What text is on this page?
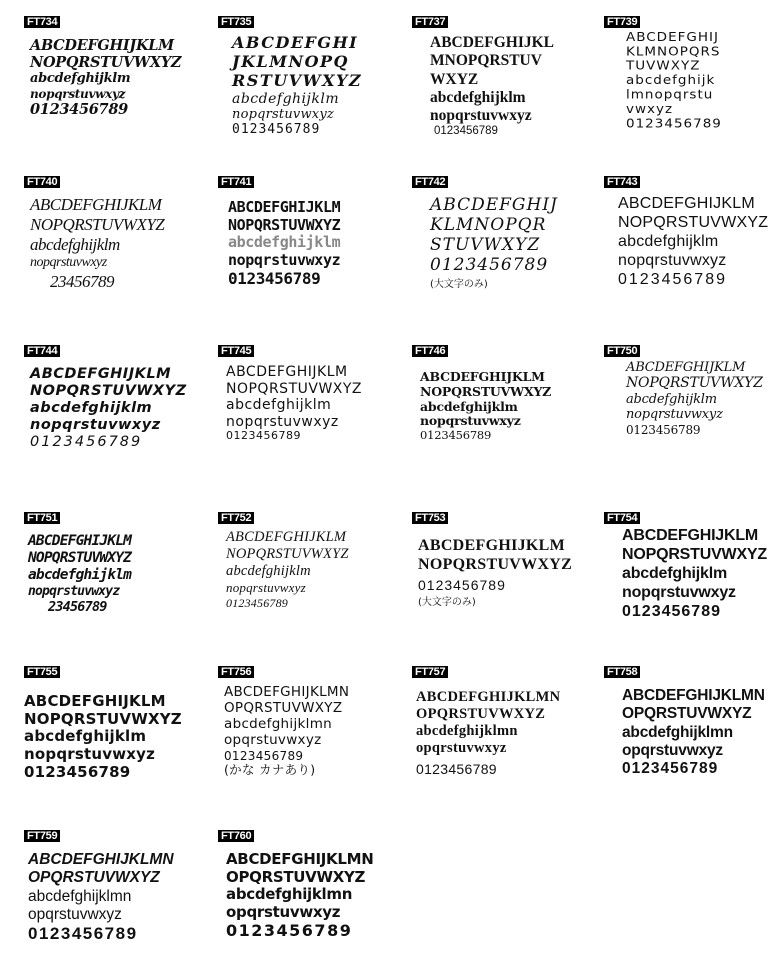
FT734
ABCDEFGHIJKLM
NOPQRSTUVWXYZ
abcdefghijklm
nopqrstuvwxyz
0123456789
FT735
ABCDEFGHI
JKLMNOPQ
RSTUVWXYZ
abcdefghijklm
nopqrstuvwxyz
0123456789
FT737
ABCDEFGHIJKL
MNOPQRSTUV
WXYZ
abcdefghijklm
nopqrstuvwxyz
0123456789
FT739
ABCDEFGHIJ
KLMNOPQRS
TUVWXYZ
abcdefghijk
lmnopqrstu
vwxyz
0123456789
FT740
ABCDEFGHIJKLM
NOPQRSTUVWXYZ
abcdefghijklm
nopqrstuvwxyz
23456789
FT741
ABCDEFGHIJKLM
NOPQRSTUVWXYZ
abcdefghijklm
nopqrstuvwxyz
0123456789
FT742
ABCDEFGHIJ
KLMNOPQR
STUVWXYZ
0123456789
(大文字のみ)
FT743
ABCDEFGHIJKLM
NOPQRSTUVWXYZ
abcdefghijklm
nopqrstuvwxyz
0123456789
FT744
ABCDEFGHIJKLM
NOPQRSTUVWXYZ
abcdefghijklm
nopqrstuvwxyz
0123456789
FT745
ABCDEFGHIJKLM
NOPQRSTUVWXYZ
abcdefghijklm
nopqrstuvwxyz
0123456789
FT746
ABCDEFGHIJKLM
NOPQRSTUVWXYZ
abcdefghijklm
nopqrstuvwxyz
0123456789
FT750
ABCDEFGHIJKLM
NOPQRSTUVWXYZ
abcdefghijklm
nopqrstuvwxyz
0123456789
FT751
ABCDEFGHIJKLM
NOPQRSTUVWXYZ
abcdefghijklm
nopqrstuvwxyz
23456789
FT752
ABCDEFGHIJKLM
NOPQRSTUVWXYZ
abcdefghijklm
nopqrstuvwxyz
0123456789
FT753
ABCDEFGHIJKLM
NOPQRSTUVWXYZ
0123456789
(大文字のみ)
FT754
ABCDEFGHIJKLM
NOPQRSTUVWXYZ
abcdefghijklm
nopqrstuvwxyz
0123456789
FT755
ABCDEFGHIJKLM
NOPQRSTUVWXYZ
abcdefghijklm
nopqrstuvwxyz
0123456789
FT756
ABCDEFGHIJKLMN
OPQRSTUVWXYZ
abcdefghijklmn
opqrstuvwxyz
0123456789
(かな カナあり)
FT757
ABCDEFGHIJKLMN
OPQRSTUVWXYZ
abcdefghijklmn
opqrstuvwxyz
0123456789
FT758
ABCDEFGHIJKLMN
OPQRSTUVWXYZ
abcdefghijklmn
opqrstuvwxyz
0123456789
FT759
ABCDEFGHIJKLMN
OPQRSTUVWXYZ
abcdefghijklmn
opqrstuvwxyz
0123456789
FT760
ABCDEFGHIJKLMN
OPQRSTUVWXYZ
abcdefghijklmn
opqrstuvwxyz
0123456789
